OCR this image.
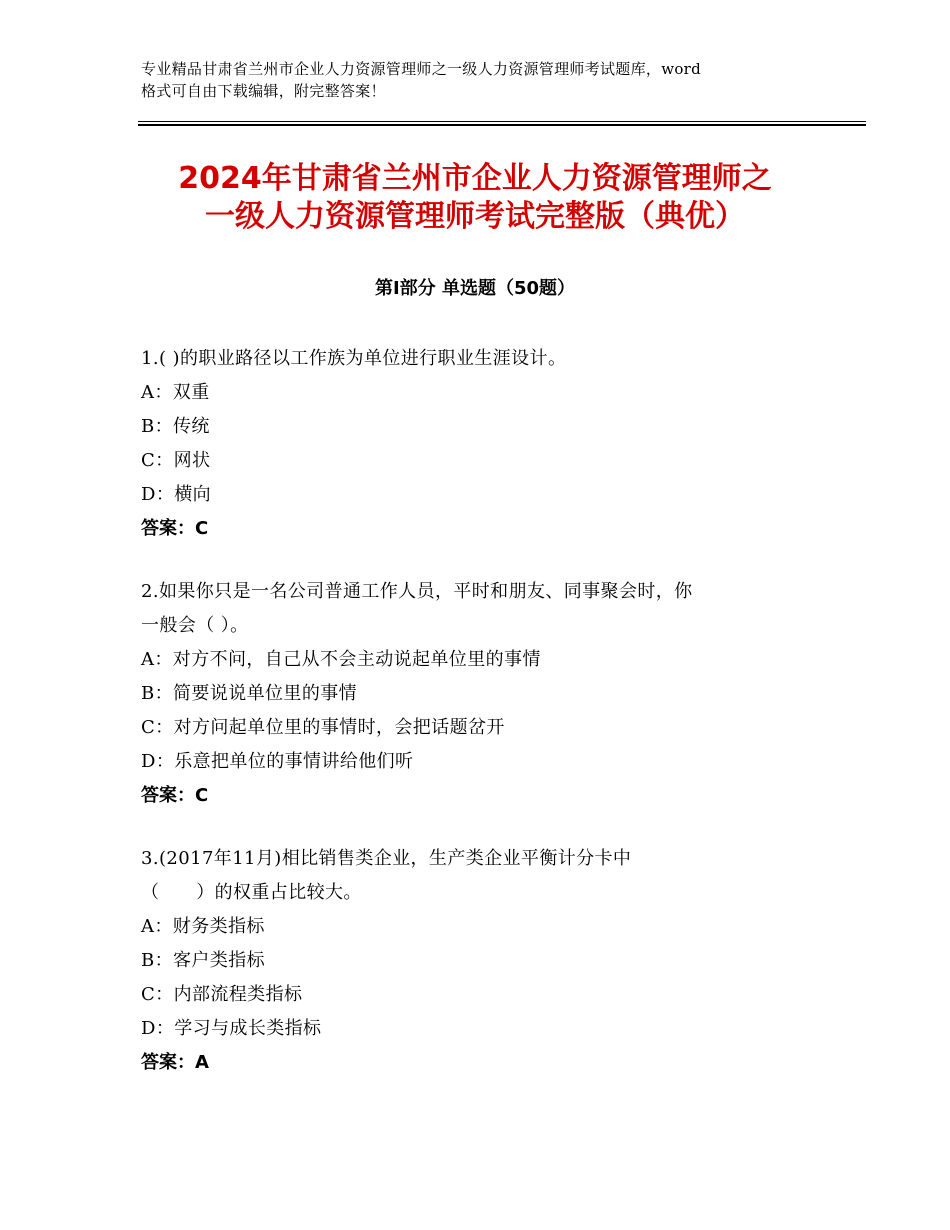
专业精品甘肃省兰州市企业人力资源管理师之一级人力资源管理师考试题库，word
格式可自由下载编辑，附完整答案！
2024年甘肃省兰州市企业人力资源管理师之
一级人力资源管理师考试完整版（典优）
第Ⅰ部分 单选题（50题）
1.( )的职业路径以工作族为单位进行职业生涯设计。
A：双重
B：传统
C：网状
D：横向
答案：C
2.如果你只是一名公司普通工作人员，平时和朋友、同事聚会时，你
一般会（ ）。
A：对方不问，自己从不会主动说起单位里的事情
B：简要说说单位里的事情
C：对方问起单位里的事情时，会把话题岔开
D：乐意把单位的事情讲给他们听
答案：C
3.(2017年11月)相比销售类企业，生产类企业平衡计分卡中
（　　）的权重占比较大。
A：财务类指标
B：客户类指标
C：内部流程类指标
D：学习与成长类指标
答案：A
